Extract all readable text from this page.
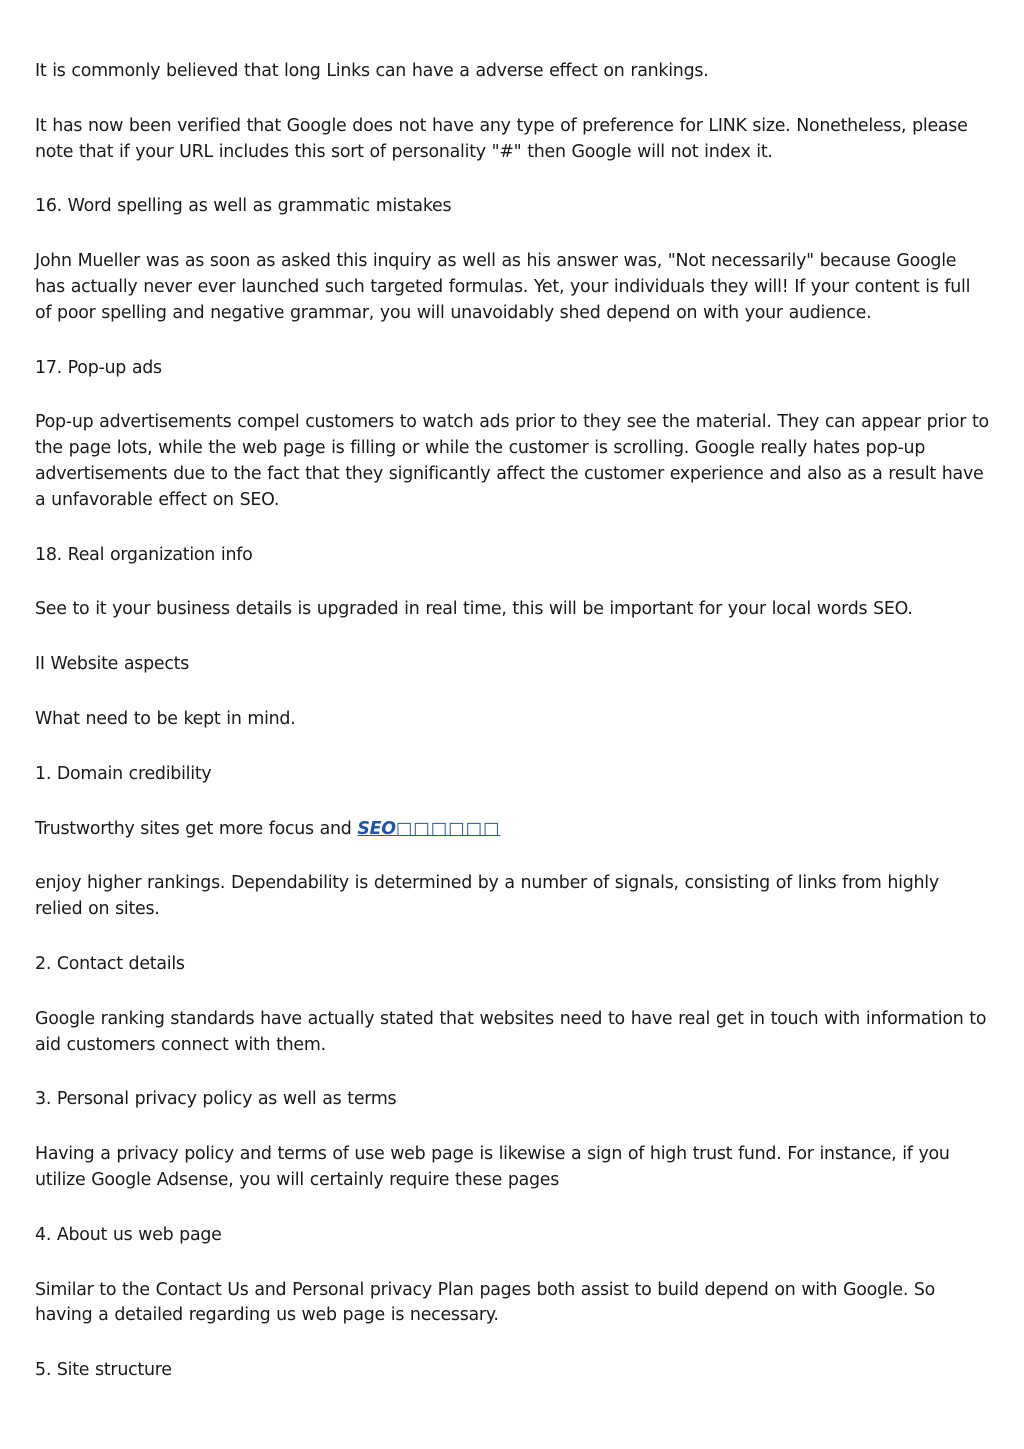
It is commonly believed that long Links can have a adverse effect on rankings.

It has now been verified that Google does not have any type of preference for LINK size. Nonetheless, please note that if your URL includes this sort of personality "#" then Google will not index it.

16. Word spelling as well as grammatic mistakes

John Mueller was as soon as asked this inquiry as well as his answer was, "Not necessarily" because Google has actually never ever launched such targeted formulas. Yet, your individuals they will! If your content is full of poor spelling and negative grammar, you will unavoidably shed depend on with your audience.

17. Pop-up ads

Pop-up advertisements compel customers to watch ads prior to they see the material. They can appear prior to the page lots, while the web page is filling or while the customer is scrolling. Google really hates pop-up advertisements due to the fact that they significantly affect the customer experience and also as a result have a unfavorable effect on SEO.

18. Real organization info

See to it your business details is upgraded in real time, this will be important for your local words SEO.

II Website aspects

What need to be kept in mind.

1. Domain credibility

Trustworthy sites get more focus and SEO□□□□□□

enjoy higher rankings. Dependability is determined by a number of signals, consisting of links from highly relied on sites.

2. Contact details

Google ranking standards have actually stated that websites need to have real get in touch with information to aid customers connect with them.

3. Personal privacy policy as well as terms

Having a privacy policy and terms of use web page is likewise a sign of high trust fund. For instance, if you utilize Google Adsense, you will certainly require these pages

4. About us web page

Similar to the Contact Us and Personal privacy Plan pages both assist to build depend on with Google. So having a detailed regarding us web page is necessary.

5. Site structure
